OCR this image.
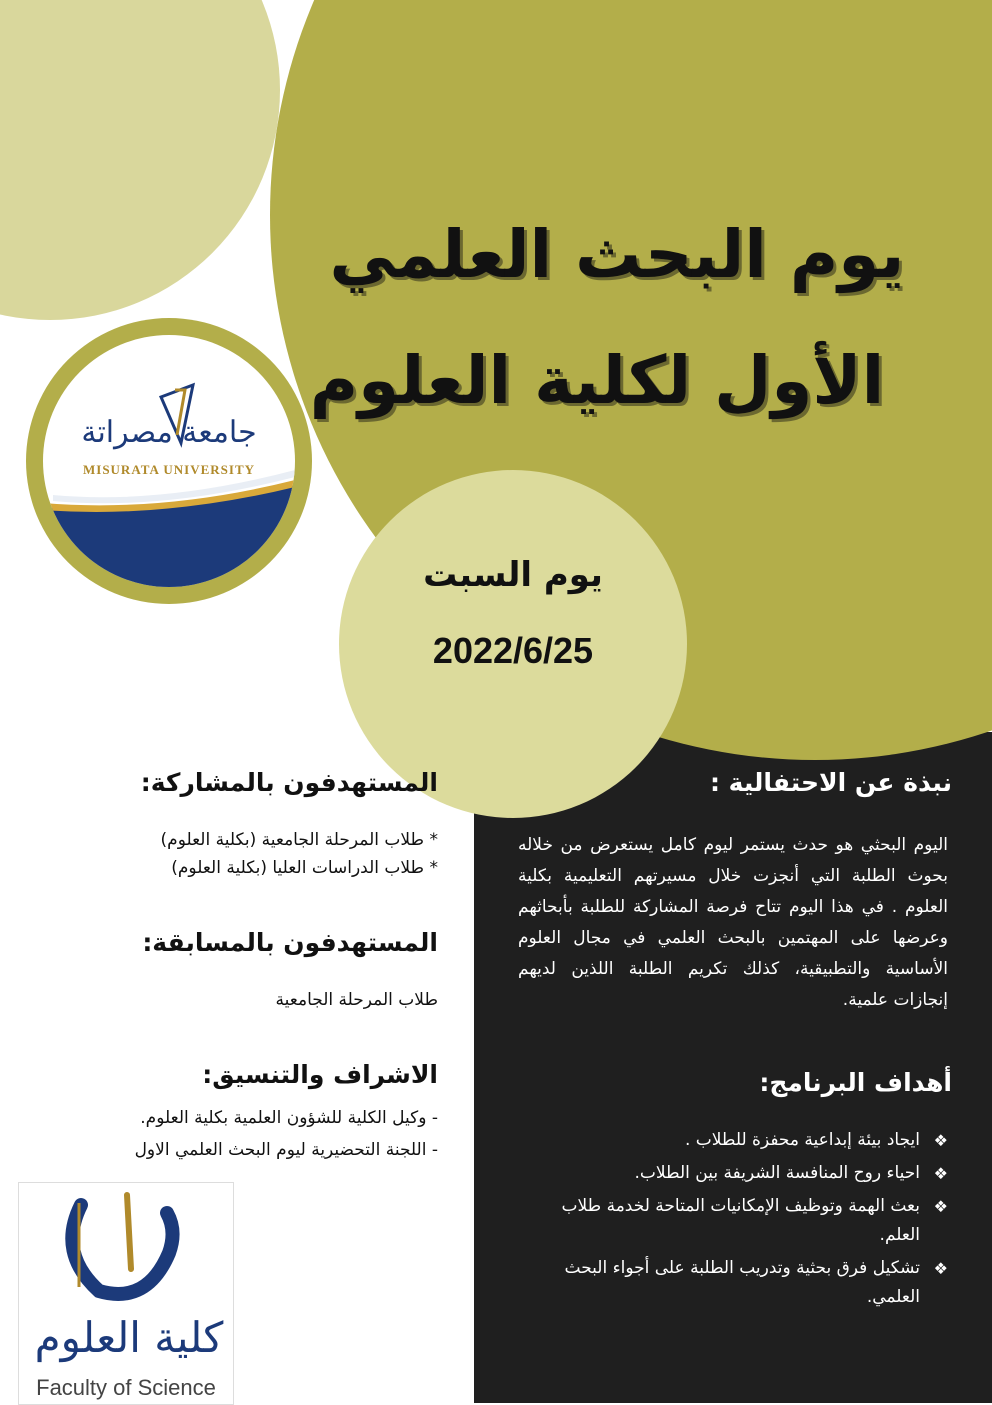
يوم البحث العلمي
الأول لكلية العلوم
جامعة مصراتة
MISURATA UNIVERSITY
يوم السبت
2022/6/25
نبذة عن الاحتفالية :
اليوم البحثي هو حدث يستمر ليوم كامل يستعرض من خلاله بحوث الطلبة التي أنجزت خلال مسيرتهم التعليمية بكلية العلوم . في هذا اليوم تتاح فرصة المشاركة للطلبة بأبحاثهم وعرضها على المهتمين بالبحث العلمي في مجال العلوم الأساسية والتطبيقية، كذلك تكريم الطلبة اللذين لديهم إنجازات علمية.
أهداف البرنامج:
❖
ايجاد بيئة إبداعية محفزة للطلاب .
❖
احياء روح المنافسة الشريفة بين الطلاب.
❖
بعث الهمة وتوظيف الإمكانيات المتاحة لخدمة طلاب العلم.
❖
تشكيل فرق بحثية وتدريب الطلبة على أجواء البحث العلمي.
المستهدفون بالمشاركة:
* طلاب المرحلة الجامعية (بكلية العلوم)
* طلاب الدراسات العليا (بكلية العلوم)
المستهدفون بالمسابقة:
طلاب المرحلة الجامعية
الاشراف والتنسيق:
- وكيل الكلية للشؤون العلمية بكلية العلوم.
- اللجنة التحضيرية ليوم البحث العلمي الاول
كلية العلوم
Faculty of Science
